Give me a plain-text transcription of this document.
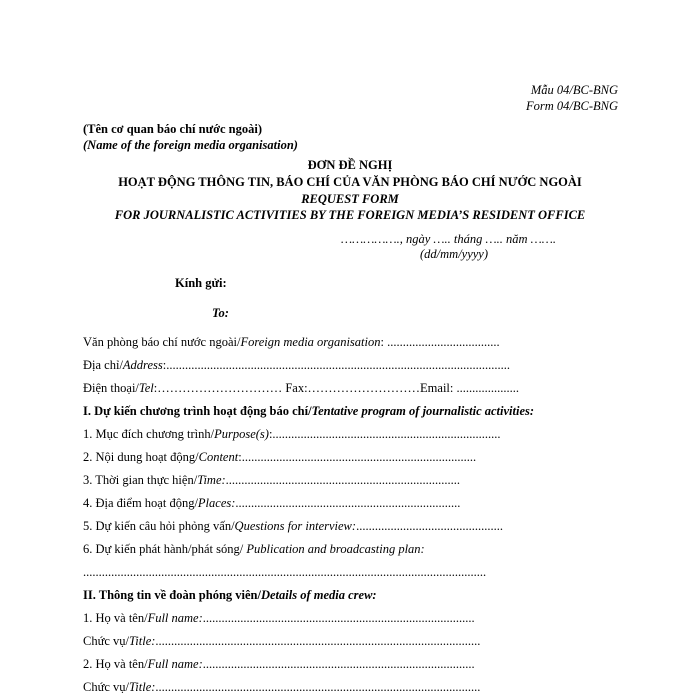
Mẫu 04/BC-BNG
Form 04/BC-BNG
(Tên cơ quan báo chí nước ngoài)
(Name of the foreign media organisation)
ĐƠN ĐỀ NGHỊ
HOẠT ĐỘNG THÔNG TIN, BÁO CHÍ CỦA VĂN PHÒNG BÁO CHÍ NƯỚC NGOÀI
REQUEST FORM
FOR JOURNALISTIC ACTIVITIES BY THE FOREIGN MEDIA’S RESIDENT OFFICE
……………., ngày ….. tháng ….. năm …….
(dd/mm/yyyy)
Kính gửi:
To:
Văn phòng báo chí nước ngoài/Foreign media organisation: ....................................
Địa chỉ/Address:..............................................................................................................
Điện thoại/Tel:………………………… Fax:………………………Email: ....................
I. Dự kiến chương trình hoạt động báo chí/Tentative program of journalistic activities:
1. Mục đích chương trình/Purpose(s):.........................................................................
2. Nội dung hoạt động/Content:...........................................................................
3. Thời gian thực hiện/Time:...........................................................................
4. Địa điểm hoạt động/Places:........................................................................
5. Dự kiến câu hỏi phỏng vấn/Questions for interview:...............................................
6. Dự kiến phát hành/phát sóng/ Publication and broadcasting plan:
.................................................................................................................................
II. Thông tin về đoàn phóng viên/Details of media crew:
1. Họ và tên/Full name:.......................................................................................
Chức vụ/Title:........................................................................................................
2. Họ và tên/Full name:.......................................................................................
Chức vụ/Title:........................................................................................................
